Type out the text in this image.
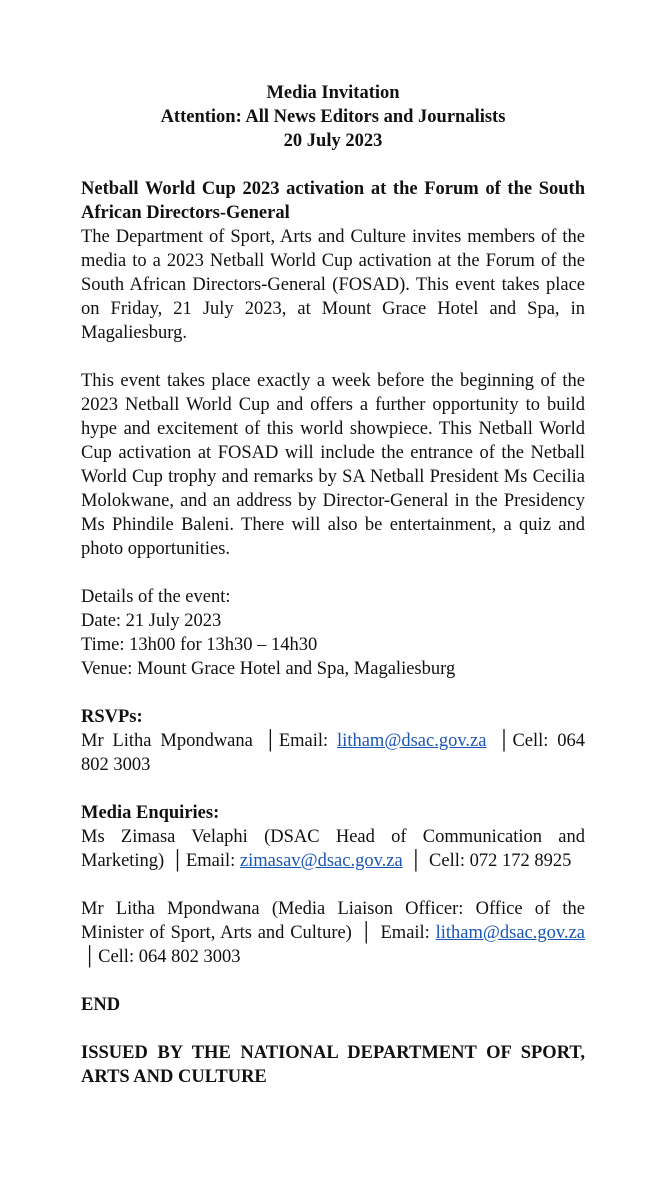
Media Invitation
Attention: All News Editors and Journalists
20 July 2023

Netball World Cup 2023 activation at the Forum of the South African Directors-General

The Department of Sport, Arts and Culture invites members of the media to a 2023 Netball World Cup activation at the Forum of the South African Directors-General (FOSAD). This event takes place on Friday, 21 July 2023, at Mount Grace Hotel and Spa, in Magaliesburg.

This event takes place exactly a week before the beginning of the 2023 Netball World Cup and offers a further opportunity to build hype and excitement of this world showpiece. This Netball World Cup activation at FOSAD will include the entrance of the Netball World Cup trophy and remarks by SA Netball President Ms Cecilia Molokwane, and an address by Director-General in the Presidency Ms Phindile Baleni. There will also be entertainment, a quiz and photo opportunities.

Details of the event:
Date: 21 July 2023
Time: 13h00 for 13h30 – 14h30
Venue: Mount Grace Hotel and Spa, Magaliesburg
RSVPs:

Mr Litha Mpondwana │ Email: litham@dsac.gov.za │ Cell: 064 802 3003

Media Enquiries:

Ms Zimasa Velaphi (DSAC Head of Communication and Marketing) │ Email: zimasav@dsac.gov.za │ Cell: 072 172 8925

Mr Litha Mpondwana (Media Liaison Officer: Office of the Minister of Sport, Arts and Culture) │ Email: litham@dsac.gov.za │ Cell: 064 802 3003

END

ISSUED BY THE NATIONAL DEPARTMENT OF SPORT, ARTS AND CULTURE
